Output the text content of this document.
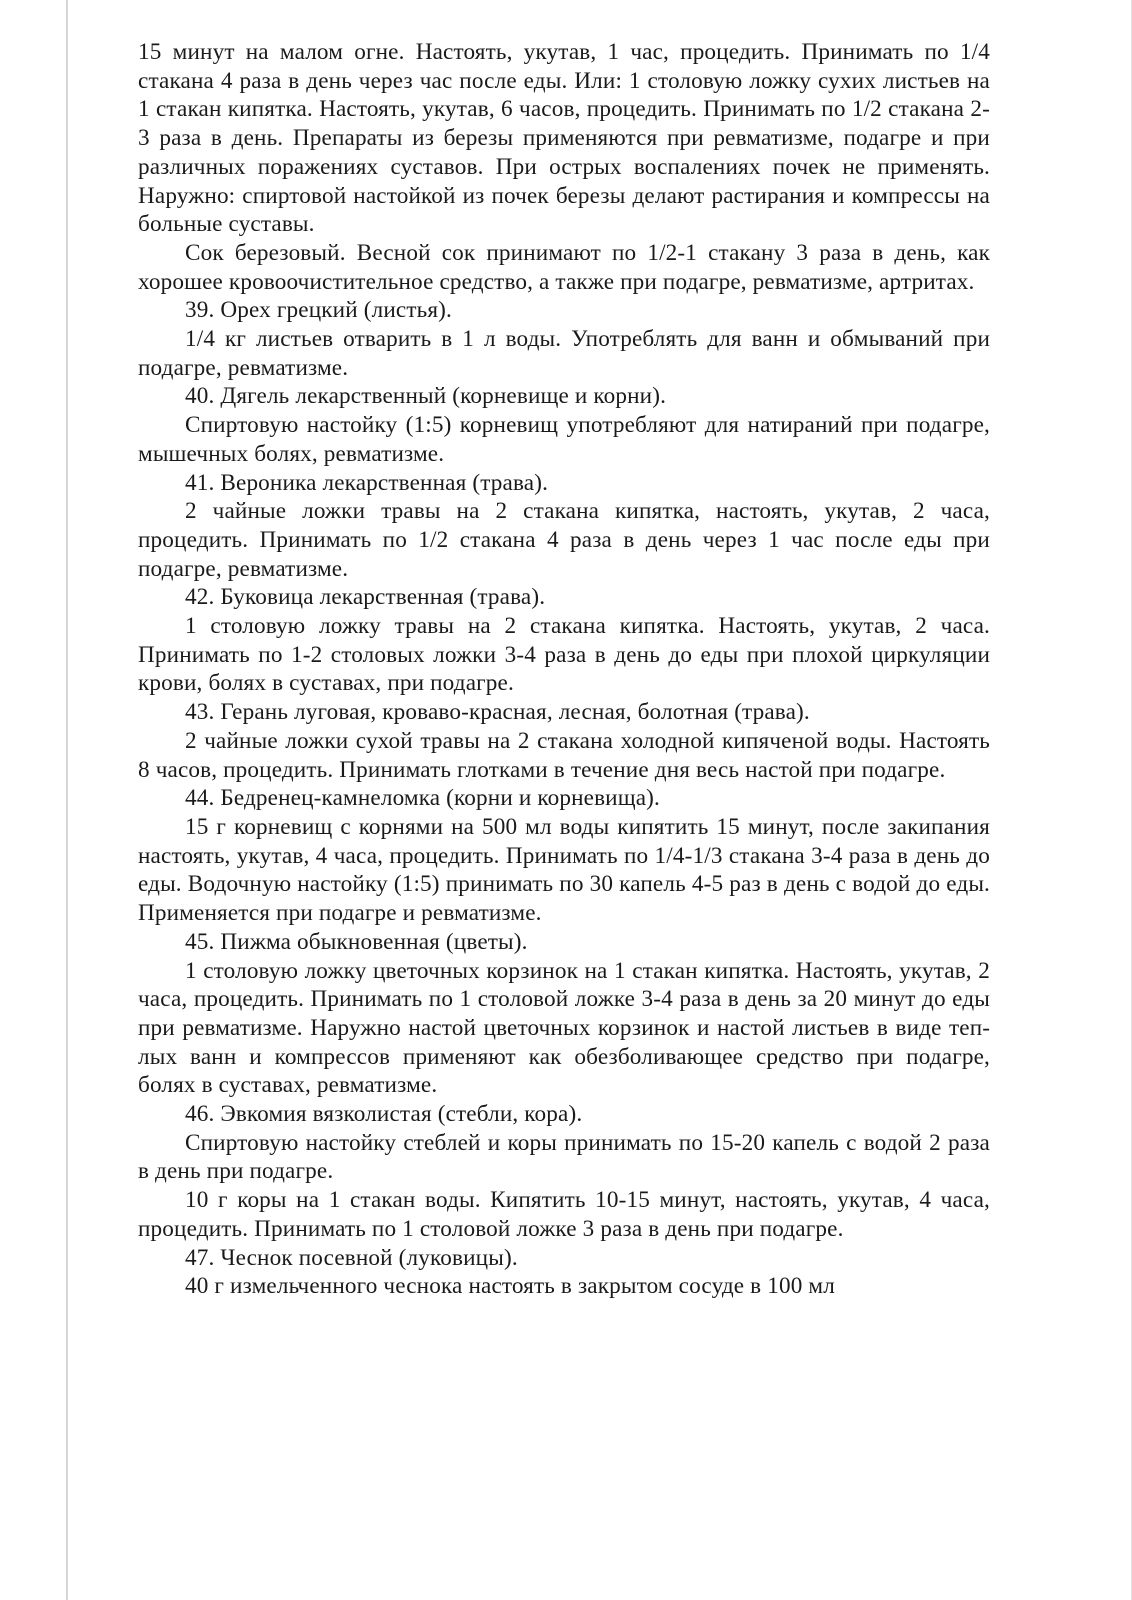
15 минут на малом огне. Настоять, укутав, 1 час, процедить. Принимать по 1/4 стакана 4 раза в день через час после еды. Или: 1 столовую ложку сухих листьев на 1 стакан кипятка. Настоять, укутав, 6 часов, процедить. Принимать по 1/2 стакана 2-3 раза в день. Препараты из березы применяются при ревматизме, подагре и при различных поражениях суставов. При острых воспалениях почек не применять. Наружно: спиртовой настойкой из почек березы делают растирания и компрессы на больные суставы.

Сок березовый. Весной сок принимают по 1/2-1 стакану 3 раза в день, как хорошее кровоочистительное средство, а также при подагре, ревматизме, артритах.

39. Орех грецкий (листья).

1/4 кг листьев отварить в 1 л воды. Употреблять для ванн и обмываний при подагре, ревматизме.

40. Дягель лекарственный (корневище и корни).

Спиртовую настойку (1:5) корневищ употребляют для натираний при подагре, мышечных болях, ревматизме.

41. Вероника лекарственная (трава).

2 чайные ложки травы на 2 стакана кипятка, настоять, укутав, 2 часа, процедить. Принимать по 1/2 стакана 4 раза в день через 1 час после еды при подагре, ревматизме.

42. Буковица лекарственная (трава).

1 столовую ложку травы на 2 стакана кипятка. Настоять, укутав, 2 часа. Принимать по 1-2 столовых ложки 3-4 раза в день до еды при плохой циркуляции крови, болях в суставах, при подагре.

43. Герань луговая, кроваво-красная, лесная, болотная (трава).

2 чайные ложки сухой травы на 2 стакана холодной кипяченой воды. Настоять 8 часов, процедить. Принимать глотками в течение дня весь настой при подагре.

44. Бедренец-камнеломка (корни и корневища).

15 г корневищ с корнями на 500 мл воды кипятить 15 минут, после закипания настоять, укутав, 4 часа, процедить. Принимать по 1/4-1/3 стакана 3-4 раза в день до еды. Водочную настойку (1:5) принимать по 30 капель 4-5 раз в день с водой до еды. Применяется при подагре и ревматизме.

45. Пижма обыкновенная (цветы).

1 столовую ложку цветочных корзинок на 1 стакан кипятка. Настоять, укутав, 2 часа, процедить. Принимать по 1 столовой ложке 3-4 раза в день за 20 минут до еды при ревматизме. Наружно настой цветочных корзинок и настой листьев в виде теплых ванн и компрессов применяют как обезболивающее средство при подагре, болях в суставах, ревматизме.

46. Эвкомия вязколистая (стебли, кора).

Спиртовую настойку стеблей и коры принимать по 15-20 капель с водой 2 раза в день при подагре.

10 г коры на 1 стакан воды. Кипятить 10-15 минут, настоять, укутав, 4 часа, процедить. Принимать по 1 столовой ложке 3 раза в день при подагре.

47. Чеснок посевной (луковицы).

40 г измельченного чеснока настоять в закрытом сосуде в 100 мл
